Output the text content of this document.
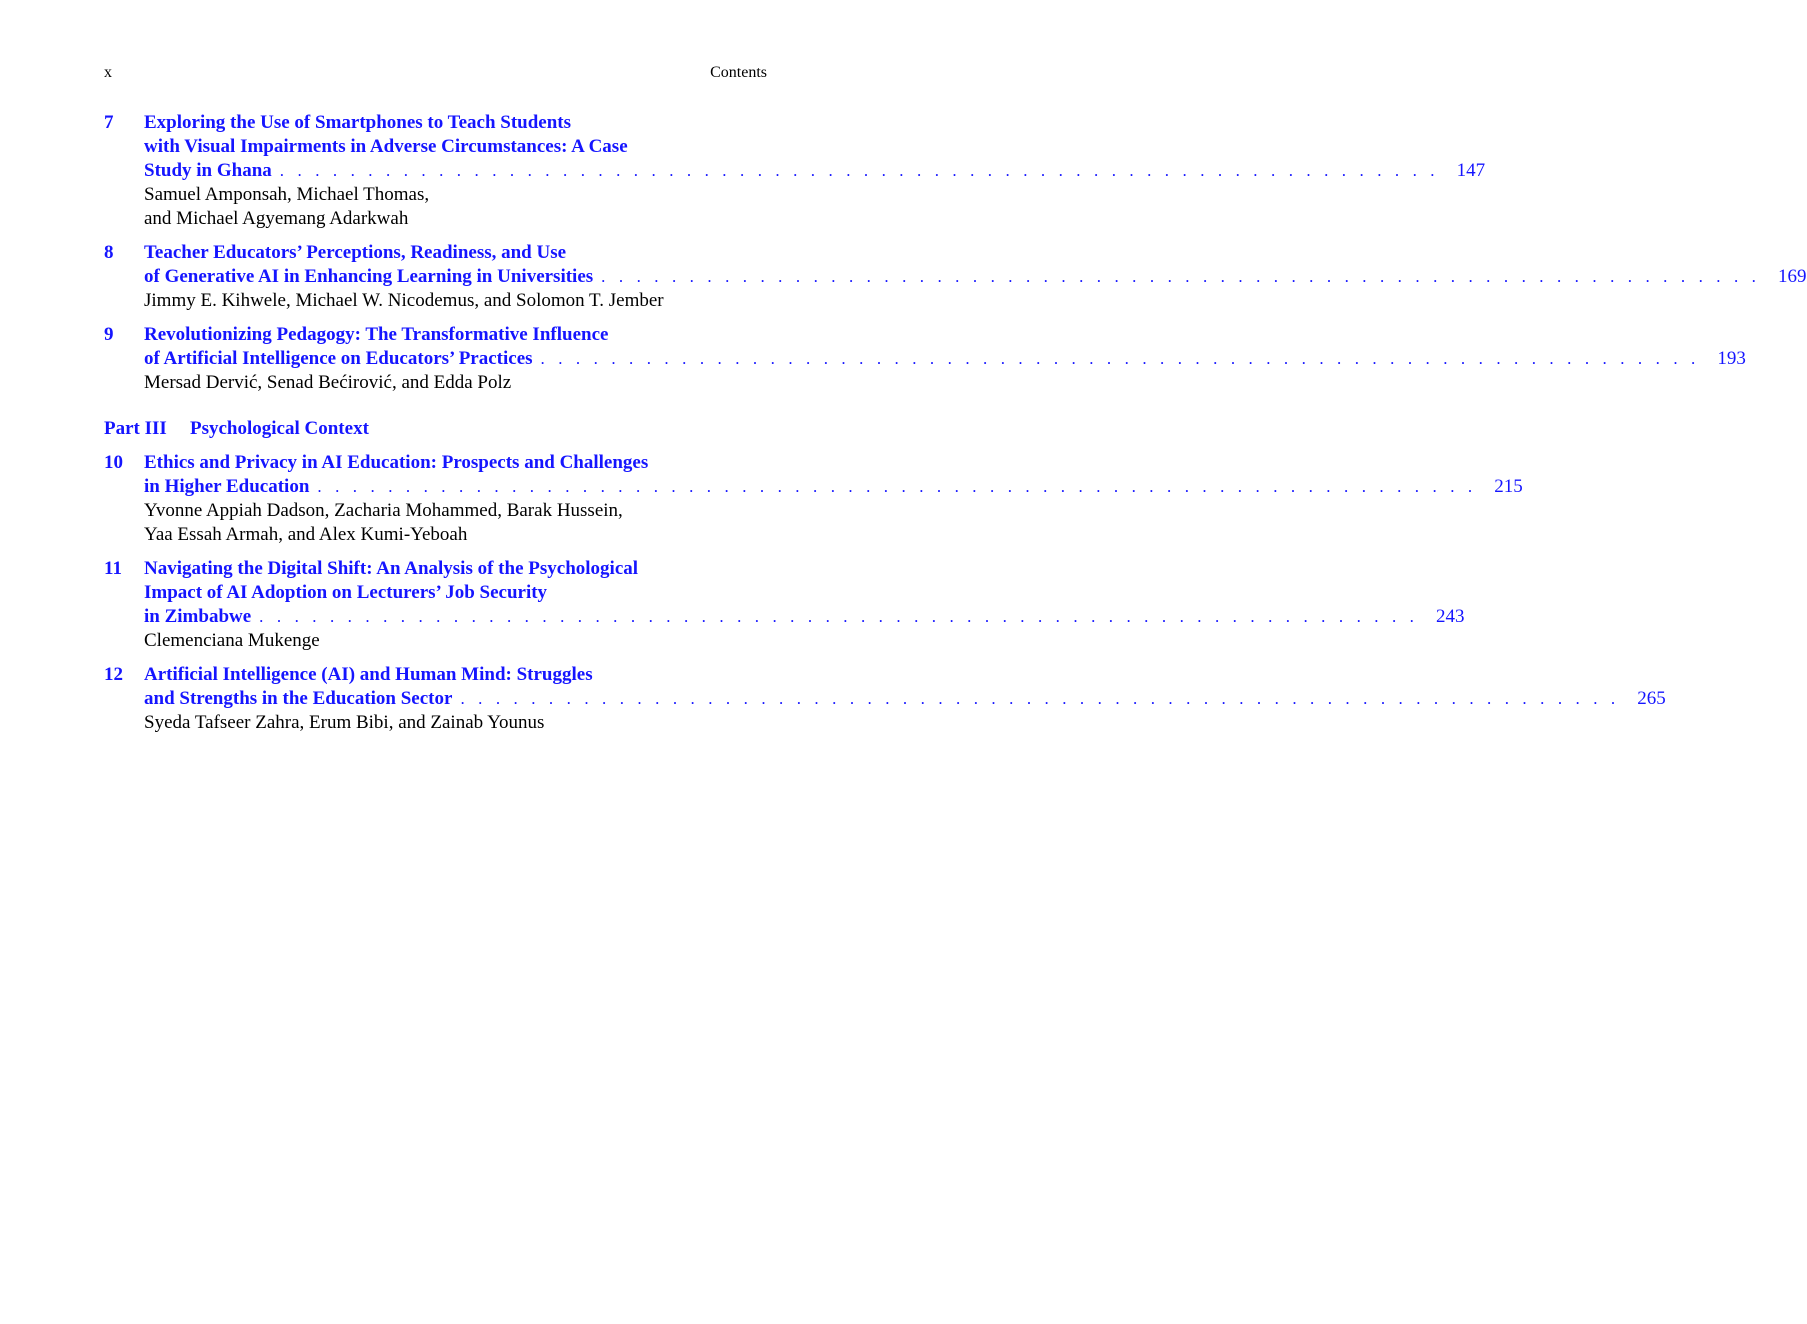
x	Contents
7 Exploring the Use of Smartphones to Teach Students
with Visual Impairments in Adverse Circumstances: A Case
Study in Ghana . . . . . . . . . . . . . . . . . . . . . . . . . . . . . . . . . . . . . . . . . . . . . . . . . . . . . . . . . . . . . . . . . . 147
Samuel Amponsah, Michael Thomas,
and Michael Agyemang Adarkwah
8 Teacher Educators’ Perceptions, Readiness, and Use
of Generative AI in Enhancing Learning in Universities . . . . . . . . . . . . . . . . . . . . . . . . . . . . . . . . . . . . . . . . . . . . . . . . . . . . . . . . . . . . . . . . . . 169
Jimmy E. Kihwele, Michael W. Nicodemus, and Solomon T. Jember
9 Revolutionizing Pedagogy: The Transformative Influence
of Artificial Intelligence on Educators’ Practices . . . . . . . . . . . . . . . . . . . . . . . . . . . . . . . . . . . . . . . . . . . . . . . . . . . . . . . . . . . . . . . . . . 193
Mersad Dervić, Senad Bećirović, and Edda Polz
Part III Psychological Context
10 Ethics and Privacy in AI Education: Prospects and Challenges
in Higher Education . . . . . . . . . . . . . . . . . . . . . . . . . . . . . . . . . . . . . . . . . . . . . . . . . . . . . . . . . . . . . . . . . . 215
Yvonne Appiah Dadson, Zacharia Mohammed, Barak Hussein,
Yaa Essah Armah, and Alex Kumi-Yeboah
11 Navigating the Digital Shift: An Analysis of the Psychological
Impact of AI Adoption on Lecturers’ Job Security
in Zimbabwe . . . . . . . . . . . . . . . . . . . . . . . . . . . . . . . . . . . . . . . . . . . . . . . . . . . . . . . . . . . . . . . . . . 243
Clemenciana Mukenge
12 Artificial Intelligence (AI) and Human Mind: Struggles
and Strengths in the Education Sector . . . . . . . . . . . . . . . . . . . . . . . . . . . . . . . . . . . . . . . . . . . . . . . . . . . . . . . . . . . . . . . . . . 265
Syeda Tafseer Zahra, Erum Bibi, and Zainab Younus
